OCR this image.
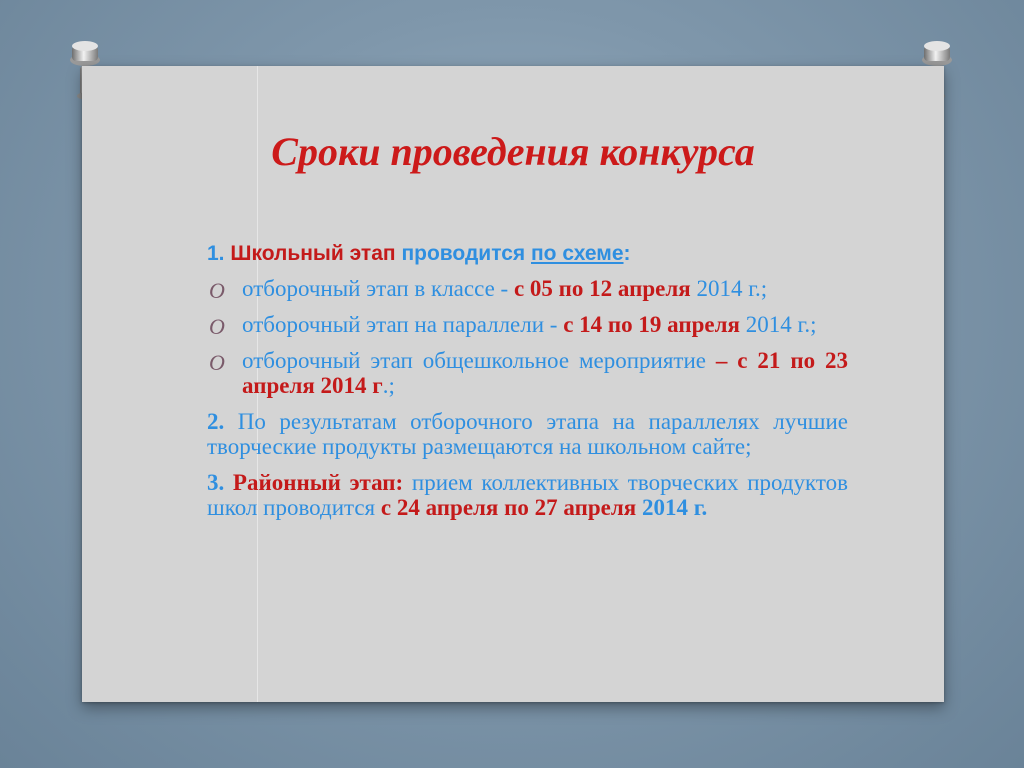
Сроки проведения конкурса
1. Школьный этап проводится по схеме:
O отборочный этап в классе - с 05 по 12 апреля 2014 г.;
O отборочный этап на параллели - с 14 по 19 апреля 2014 г.;
O отборочный этап общешкольное мероприятие – с 21 по 23 апреля 2014 г.;
2. По результатам отборочного этапа на параллелях лучшие творческие продукты размещаются на школьном сайте;
3. Районный этап: прием коллективных творческих продуктов школ проводится с 24 апреля по 27 апреля 2014 г.
